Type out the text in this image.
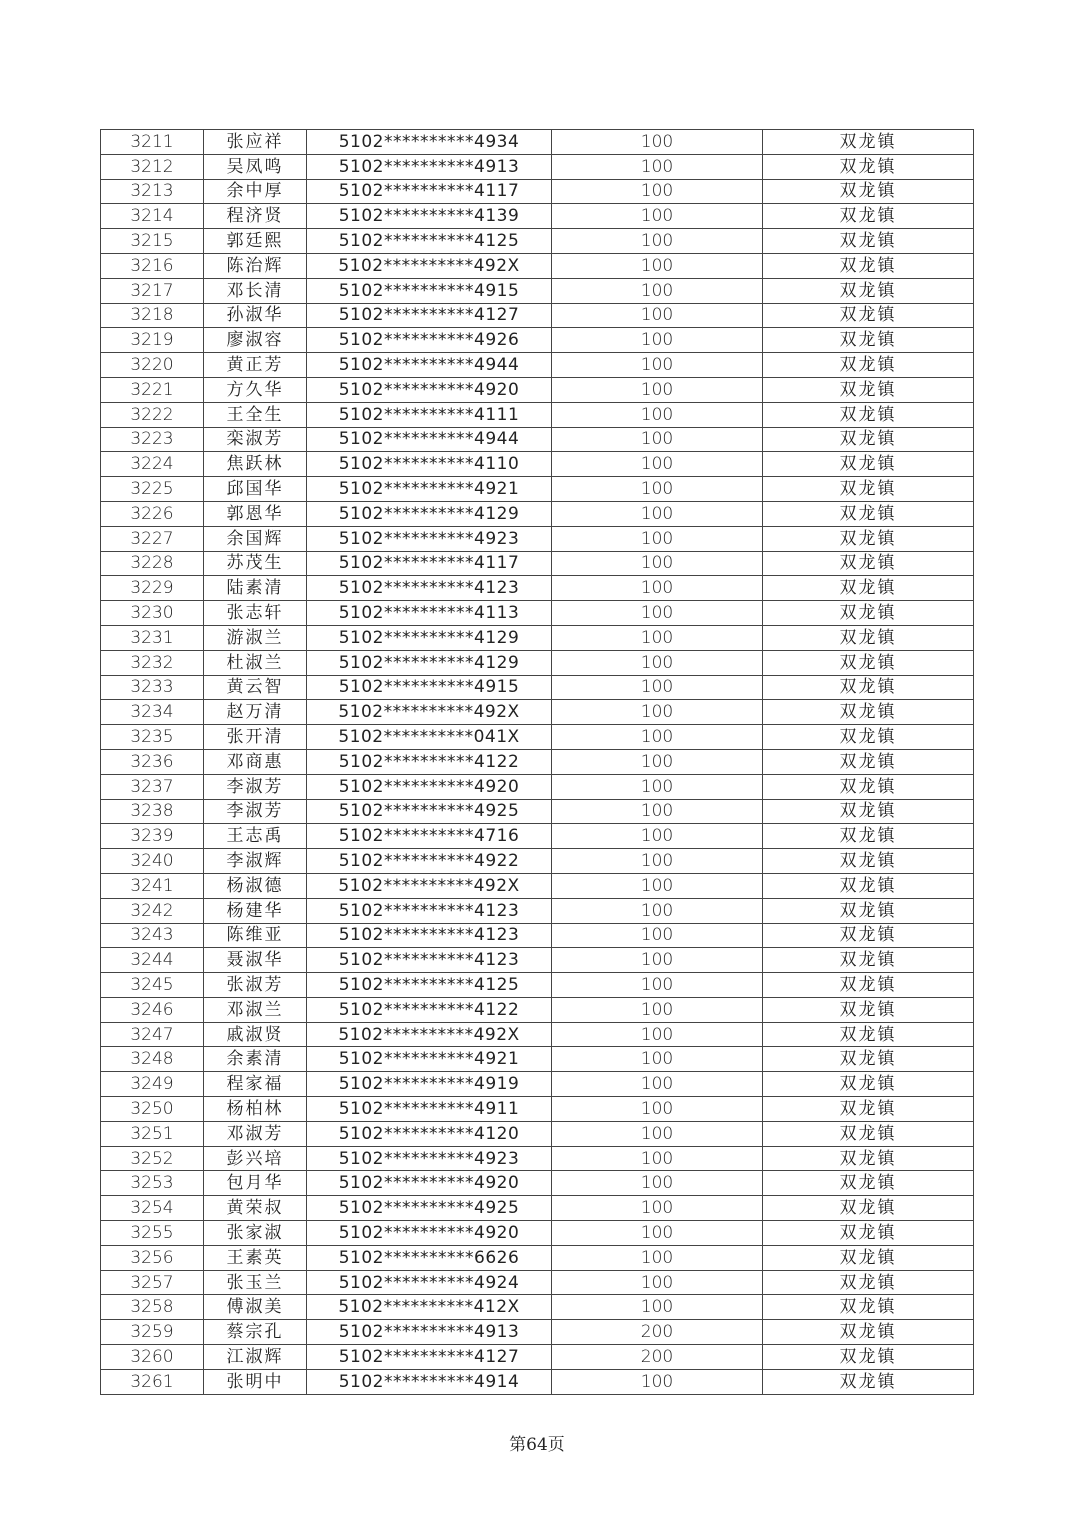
3211	张应祥	5102**********4934	100	双龙镇
3212	吴凤鸣	5102**********4913	100	双龙镇
3213	余中厚	5102**********4117	100	双龙镇
3214	程济贤	5102**********4139	100	双龙镇
3215	郭廷熙	5102**********4125	100	双龙镇
3216	陈治辉	5102**********492X	100	双龙镇
3217	邓长清	5102**********4915	100	双龙镇
3218	孙淑华	5102**********4127	100	双龙镇
3219	廖淑容	5102**********4926	100	双龙镇
3220	黄正芳	5102**********4944	100	双龙镇
3221	方久华	5102**********4920	100	双龙镇
3222	王全生	5102**********4111	100	双龙镇
3223	栾淑芳	5102**********4944	100	双龙镇
3224	焦跃林	5102**********4110	100	双龙镇
3225	邱国华	5102**********4921	100	双龙镇
3226	郭恩华	5102**********4129	100	双龙镇
3227	余国辉	5102**********4923	100	双龙镇
3228	苏茂生	5102**********4117	100	双龙镇
3229	陆素清	5102**********4123	100	双龙镇
3230	张志轩	5102**********4113	100	双龙镇
3231	游淑兰	5102**********4129	100	双龙镇
3232	杜淑兰	5102**********4129	100	双龙镇
3233	黄云智	5102**********4915	100	双龙镇
3234	赵万清	5102**********492X	100	双龙镇
3235	张开清	5102**********041X	100	双龙镇
3236	邓商惠	5102**********4122	100	双龙镇
3237	李淑芳	5102**********4920	100	双龙镇
3238	李淑芳	5102**********4925	100	双龙镇
3239	王志禹	5102**********4716	100	双龙镇
3240	李淑辉	5102**********4922	100	双龙镇
3241	杨淑德	5102**********492X	100	双龙镇
3242	杨建华	5102**********4123	100	双龙镇
3243	陈维亚	5102**********4123	100	双龙镇
3244	聂淑华	5102**********4123	100	双龙镇
3245	张淑芳	5102**********4125	100	双龙镇
3246	邓淑兰	5102**********4122	100	双龙镇
3247	戚淑贤	5102**********492X	100	双龙镇
3248	余素清	5102**********4921	100	双龙镇
3249	程家福	5102**********4919	100	双龙镇
3250	杨柏林	5102**********4911	100	双龙镇
3251	邓淑芳	5102**********4120	100	双龙镇
3252	彭兴培	5102**********4923	100	双龙镇
3253	包月华	5102**********4920	100	双龙镇
3254	黄荣叔	5102**********4925	100	双龙镇
3255	张家淑	5102**********4920	100	双龙镇
3256	王素英	5102**********6626	100	双龙镇
3257	张玉兰	5102**********4924	100	双龙镇
3258	傅淑美	5102**********412X	100	双龙镇
3259	蔡宗孔	5102**********4913	200	双龙镇
3260	江淑辉	5102**********4127	200	双龙镇
3261	张明中	5102**********4914	100	双龙镇
第64页
